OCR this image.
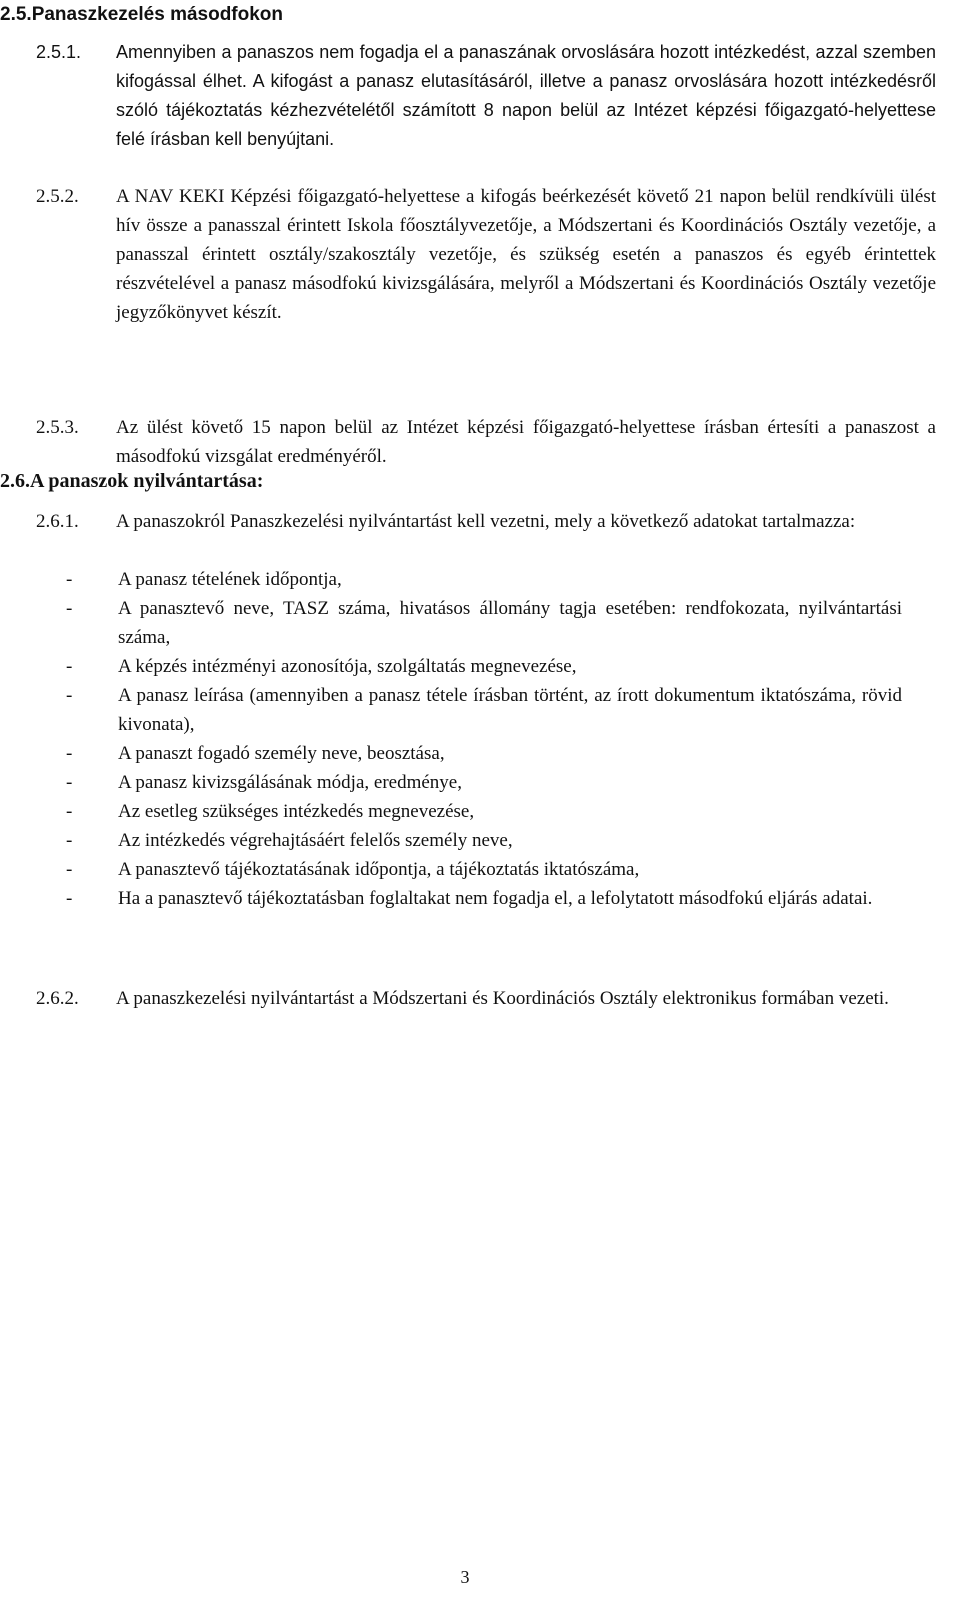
2.5.Panaszkezelés másodfokon
2.5.1.	Amennyiben a panaszos nem fogadja el a panaszának orvoslására hozott intézkedést, azzal szemben kifogással élhet. A kifogást a panasz elutasításáról, illetve a panasz orvoslására hozott intézkedésről szóló tájékoztatás kézhezvételétől számított 8 napon belül az Intézet képzési főigazgató-helyettese felé írásban kell benyújtani.
2.5.2.	A NAV KEKI Képzési főigazgató-helyettese a kifogás beérkezését követő 21 napon belül rendkívüli ülést hív össze a panasszal érintett Iskola főosztályvezetője, a Módszertani és Koordinációs Osztály vezetője, a panasszal érintett osztály/szakosztály vezetője, és szükség esetén a panaszos és egyéb érintettek részvételével a panasz másodfokú kivizsgálására, melyről a Módszertani és Koordinációs Osztály vezetője jegyzőkönyvet készít.
2.5.3.	Az ülést követő 15 napon belül az Intézet képzési főigazgató-helyettese írásban értesíti a panaszost a másodfokú vizsgálat eredményéről.
2.6.A panaszok nyilvántartása:
2.6.1.	A panaszokról Panaszkezelési nyilvántartást kell vezetni, mely a következő adatokat tartalmazza:
- A panasz tételének időpontja,
- A panasztevő neve, TASZ száma, hivatásos állomány tagja esetében: rendfokozata, nyilvántartási száma,
- A képzés intézményi azonosítója, szolgáltatás megnevezése,
- A panasz leírása (amennyiben a panasz tétele írásban történt, az írott dokumentum iktatószáma, rövid kivonata),
- A panaszt fogadó személy neve, beosztása,
- A panasz kivizsgálásának módja, eredménye,
- Az esetleg szükséges intézkedés megnevezése,
- Az intézkedés végrehajtásáért felelős személy neve,
- A panasztevő tájékoztatásának időpontja, a tájékoztatás iktatószáma,
- Ha a panasztevő tájékoztatásban foglaltakat nem fogadja el, a lefolytatott másodfokú eljárás adatai.
2.6.2.	A panaszkezelési nyilvántartást a Módszertani és Koordinációs Osztály elektronikus formában vezeti.
3
